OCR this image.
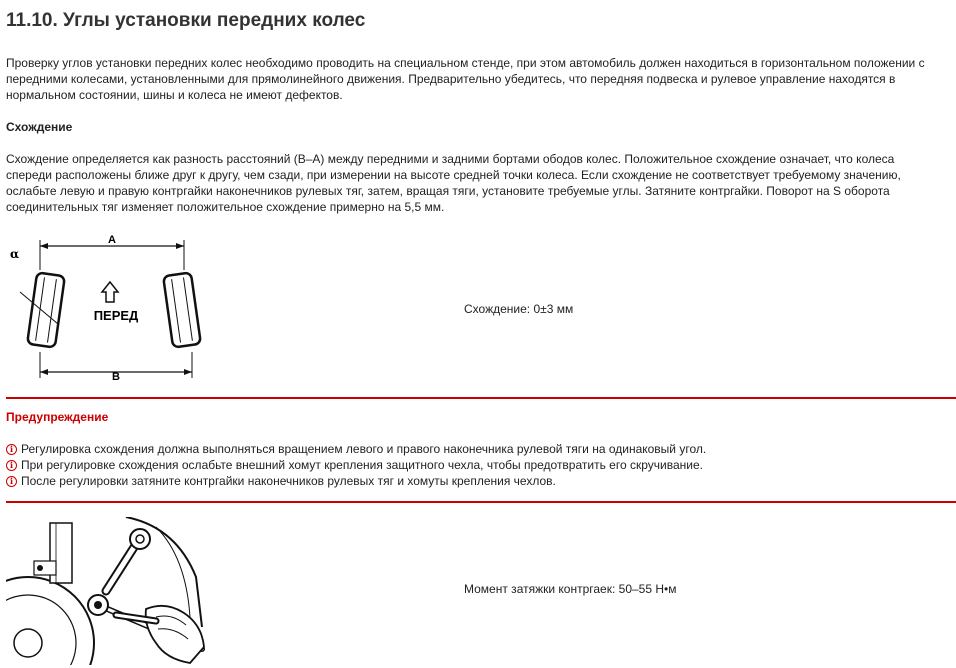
11.10. Углы установки передних колес

Проверку углов установки передних колес необходимо проводить на специальном стенде, при этом автомобиль должен находиться в горизонтальном положении с передними колесами, установленными для прямолинейного движения. Предварительно убедитесь, что передняя подвеска и рулевое управление находятся в нормальном состоянии, шины и колеса не имеют дефектов.

Схождение

Схождение определяется как разность расстояний (В–А) между передними и задними бортами ободов колес. Положительное схождение означает, что колеса спереди расположены ближе друг к другу, чем сзади, при измерении на высоте средней точки колеса. Если схождение не соответствует требуемому значению, ослабьте левую и правую контргайки наконечников рулевых тяг, затем, вращая тяги, установите требуемые углы. Затяните контргайки. Поворот на S оборота соединительных тяг изменяет положительное схождение примерно на 5,5 мм.

A
α
ПЕРЕД
B
Схождение: 0±3 мм

Предупреждение

i Регулировка схождения должна выполняться вращением левого и правого наконечника рулевой тяги на одинаковый угол.
i При регулировке схождения ослабьте внешний хомут крепления защитного чехла, чтобы предотвратить его скручивание.
i После регулировки затяните контргайки наконечников рулевых тяг и хомуты крепления чехлов.
Момент затяжки контргаек: 50–55 Н•м
